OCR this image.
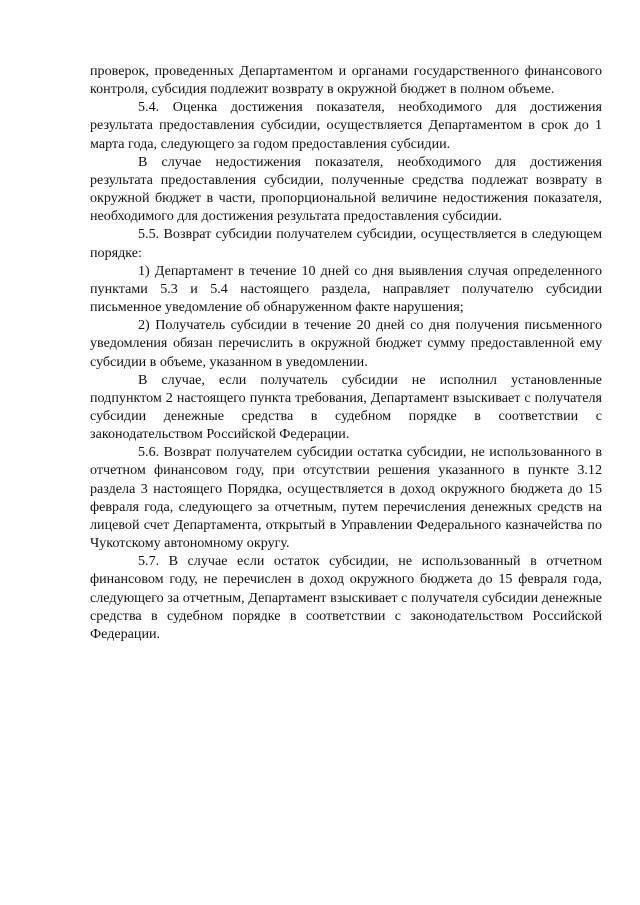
проверок, проведенных Департаментом и органами государственного финансового контроля, субсидия подлежит возврату в окружной бюджет в полном объеме.

5.4. Оценка достижения показателя, необходимого для достижения результата предоставления субсидии, осуществляется Департаментом в срок до 1 марта года, следующего за годом предоставления субсидии.

В случае недостижения показателя, необходимого для достижения результата предоставления субсидии, полученные средства подлежат возврату в окружной бюджет в части, пропорциональной величине недостижения показателя, необходимого для достижения результата предоставления субсидии.

5.5. Возврат субсидии получателем субсидии, осуществляется в следующем порядке:

1) Департамент в течение 10 дней со дня выявления случая определенного пунктами 5.3 и 5.4 настоящего раздела, направляет получателю субсидии письменное уведомление об обнаруженном факте нарушения;

2) Получатель субсидии в течение 20 дней со дня получения письменного уведомления обязан перечислить в окружной бюджет сумму предоставленной ему субсидии в объеме, указанном в уведомлении.

В случае, если получатель субсидии не исполнил установленные подпунктом 2 настоящего пункта требования, Департамент взыскивает с получателя субсидии денежные средства в судебном порядке в соответствии с законодательством Российской Федерации.

5.6. Возврат получателем субсидии остатка субсидии, не использованного в отчетном финансовом году, при отсутствии решения указанного в пункте 3.12 раздела 3 настоящего Порядка, осуществляется в доход окружного бюджета до 15 февраля года, следующего за отчетным, путем перечисления денежных средств на лицевой счет Департамента, открытый в Управлении Федерального казначейства по Чукотскому автономному округу.

5.7. В случае если остаток субсидии, не использованный в отчетном финансовом году, не перечислен в доход окружного бюджета до 15 февраля года, следующего за отчетным, Департамент взыскивает с получателя субсидии денежные средства в судебном порядке в соответствии с законодательством Российской Федерации.
